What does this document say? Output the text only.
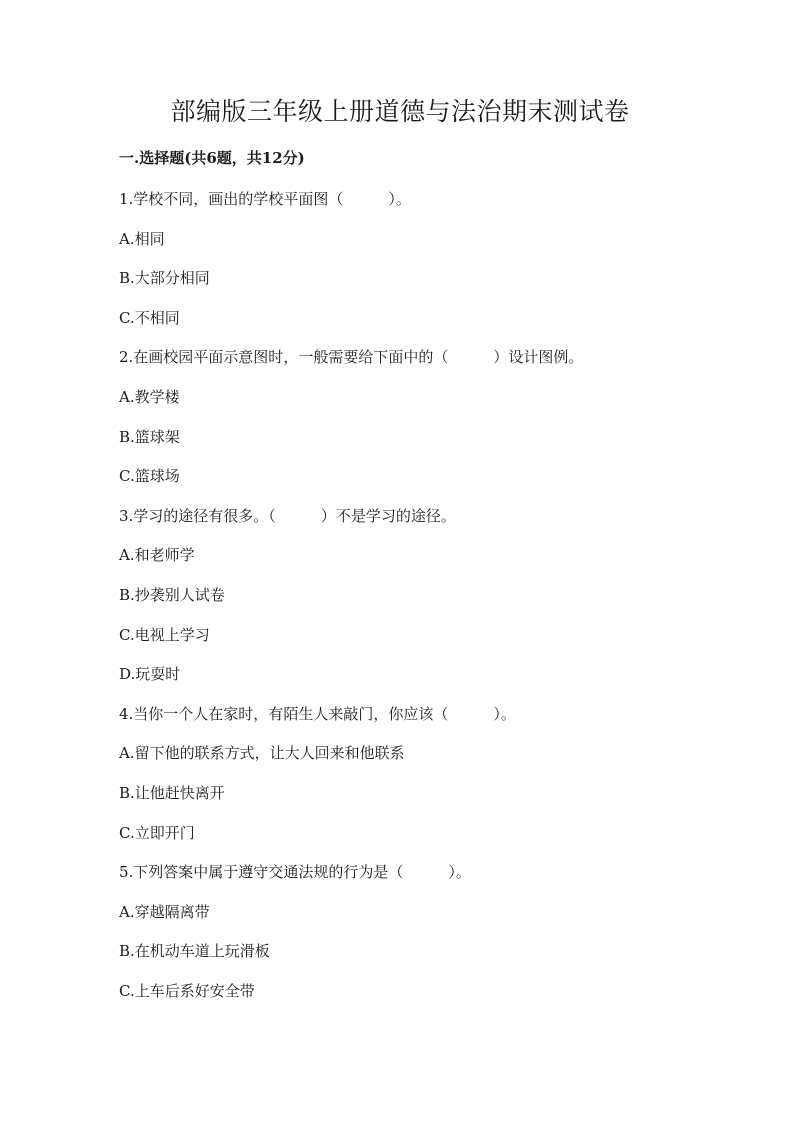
部编版三年级上册道德与法治期末测试卷
一.选择题(共6题，共12分)
1.学校不同，画出的学校平面图（　　　）。
A.相同
B.大部分相同
C.不相同
2.在画校园平面示意图时，一般需要给下面中的（　　　）设计图例。
A.教学楼
B.篮球架
C.篮球场
3.学习的途径有很多。（　　　）不是学习的途径。
A.和老师学
B.抄袭别人试卷
C.电视上学习
D.玩耍时
4.当你一个人在家时，有陌生人来敲门，你应该（　　　）。
A.留下他的联系方式，让大人回来和他联系
B.让他赶快离开
C.立即开门
5.下列答案中属于遵守交通法规的行为是（　　　）。
A.穿越隔离带
B.在机动车道上玩滑板
C.上车后系好安全带
